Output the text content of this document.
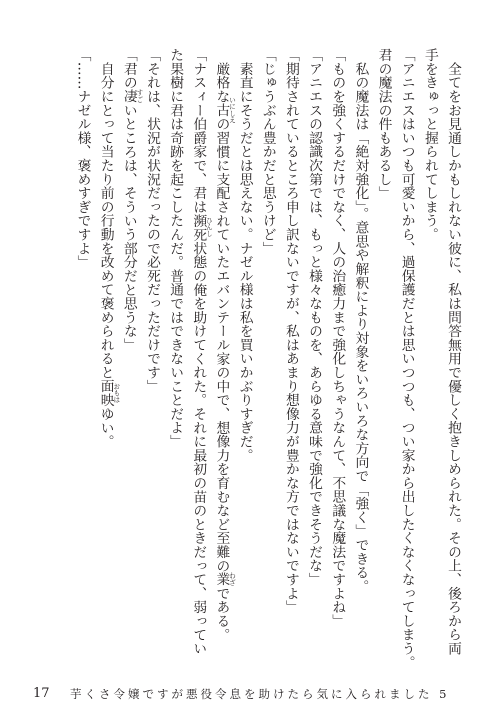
　全てをお見通しかもしれない彼に、私は問答無用で優しく抱きしめられた。その上、後ろから両
手をきゅっと握られてしまう。
「アニエスはいつも可愛いから、過保護だとは思いつつも、つい家から出したくなくなってしまう。
君の魔法の件もあるし」
　私の魔法は「絶対強化」。意思や解釈により対象をいろいろな方向で「強く」できる。
「ものを強くするだけでなく、人の治癒力まで強化しちゃうなんて、不思議な魔法ですよね」
「アニエスの認識次第では、もっと様々なものを、あらゆる意味で強化できそうだな」
「期待されているところ申し訳ないですが、私はあまり想像力が豊かな方ではないですよ」
「じゅうぶん豊かだと思うけど」
　素直にそうだとは思えない。ナゼル様は私を買いかぶりすぎだ。
　厳格な古
いにしえ
の習慣に支配されていたエバンテール家の中で、想像力を育むなど至難の業
わざ
である。
「ナスィー伯爵家で、君は瀕死
ひんし
状態の俺を助けてくれた。それに最初の苗のときだって、弱ってい
た果樹に君は奇跡を起こしたんだ。普通ではできないことだよ」
「それは、状況が状況だったので必死だっただけです」
「君の凄
すご
いところは、そういう部分だと思うな」
　自分にとって当たり前の行動を改めて褒められると面映
おもは
ゆい。
「……ナゼル様、褒めすぎですよ」
17 芋くさ令嬢ですが悪役令息を助けたら気に入られました 5
